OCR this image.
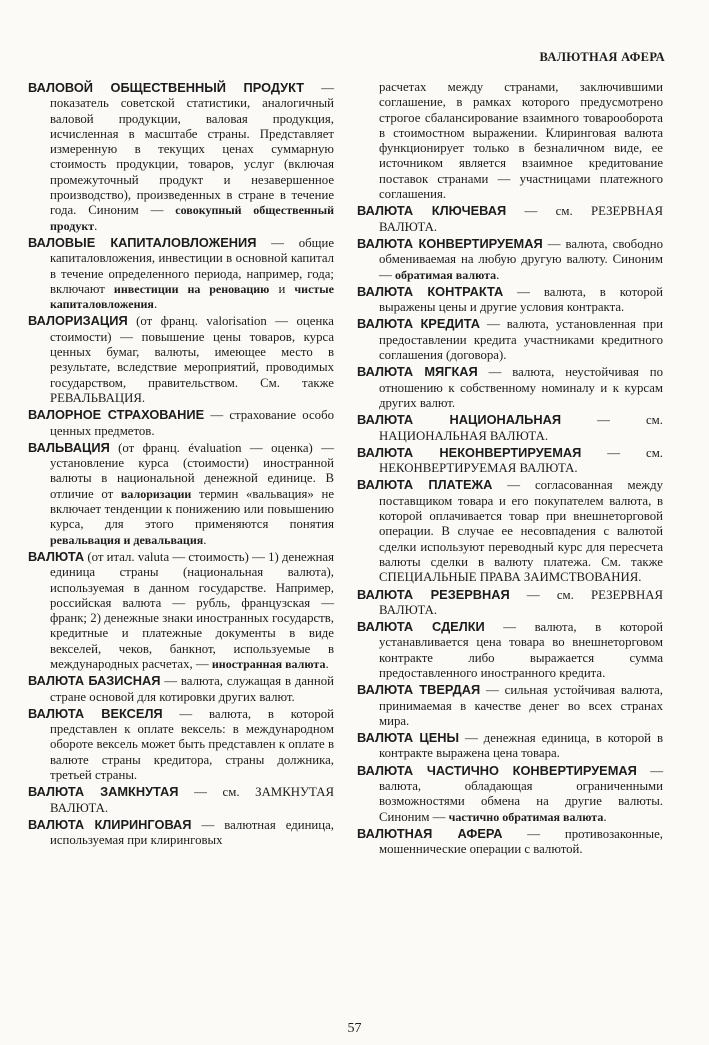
ВАЛЮТНАЯ АФЕРА

ВАЛОВОЙ ОБЩЕСТВЕННЫЙ ПРОДУКТ — показатель советской статистики, аналогичный валовой продукции, валовая продукция, исчисленная в масштабе страны. Представляет измеренную в текущих ценах суммарную стоимость продукции, товаров, услуг (включая промежуточный продукт и незавершенное производство), произведенных в стране в течение года. Синоним — совокупный общественный продукт.

ВАЛОВЫЕ КАПИТАЛОВЛОЖЕНИЯ — общие капиталовложения, инвестиции в основной капитал в течение определенного периода, например, года; включают инвестиции на реновацию и чистые капиталовложения.

ВАЛОРИЗАЦИЯ (от франц. valorisation — оценка стоимости) — повышение цены товаров, курса ценных бумаг, валюты, имеющее место в результате, вследствие мероприятий, проводимых государством, правительством. См. также РЕВАЛЬВАЦИЯ.

ВАЛОРНОЕ СТРАХОВАНИЕ — страхование особо ценных предметов.

ВАЛЬВАЦИЯ (от франц. évaluation — оценка) — установление курса (стоимости) иностранной валюты в национальной денежной единице. В отличие от валоризации термин «вальвация» не включает тенденции к понижению или повышению курса, для этого применяются понятия ревальвация и девальвация.

ВАЛЮТА (от итал. valuta — стоимость) — 1) денежная единица страны (национальная валюта), используемая в данном государстве. Например, российская валюта — рубль, французская — франк; 2) денежные знаки иностранных государств, кредитные и платежные документы в виде векселей, чеков, банкнот, используемые в международных расчетах, — иностранная валюта.

ВАЛЮТА БАЗИСНАЯ — валюта, служащая в данной стране основой для котировки других валют.

ВАЛЮТА ВЕКСЕЛЯ — валюта, в которой представлен к оплате вексель: в международном обороте вексель может быть представлен к оплате в валюте страны кредитора, страны должника, третьей страны.

ВАЛЮТА ЗАМКНУТАЯ — см. ЗАМКНУТАЯ ВАЛЮТА.

ВАЛЮТА КЛИРИНГОВАЯ — валютная единица, используемая при клиринговых

расчетах между странами, заключившими соглашение, в рамках которого предусмотрено строгое сбалансирование взаимного товарооборота в стоимостном выражении. Клиринговая валюта функционирует только в безналичном виде, ее источником является взаимное кредитование поставок странами — участницами платежного соглашения.

ВАЛЮТА КЛЮЧЕВАЯ — см. РЕЗЕРВНАЯ ВАЛЮТА.

ВАЛЮТА КОНВЕРТИРУЕМАЯ — валюта, свободно обмениваемая на любую другую валюту. Синоним — обратимая валюта.

ВАЛЮТА КОНТРАКТА — валюта, в которой выражены цены и другие условия контракта.

ВАЛЮТА КРЕДИТА — валюта, установленная при предоставлении кредита участниками кредитного соглашения (договора).

ВАЛЮТА МЯГКАЯ — валюта, неустойчивая по отношению к собственному номиналу и к курсам других валют.

ВАЛЮТА НАЦИОНАЛЬНАЯ — см. НАЦИОНАЛЬНАЯ ВАЛЮТА.

ВАЛЮТА НЕКОНВЕРТИРУЕМАЯ — см. НЕКОНВЕРТИРУЕМАЯ ВАЛЮТА.

ВАЛЮТА ПЛАТЕЖА — согласованная между поставщиком товара и его покупателем валюта, в которой оплачивается товар при внешнеторговой операции. В случае ее несовпадения с валютой сделки используют переводный курс для пересчета валюты сделки в валюту платежа. См. также СПЕЦИАЛЬНЫЕ ПРАВА ЗАИМСТВОВАНИЯ.

ВАЛЮТА РЕЗЕРВНАЯ — см. РЕЗЕРВНАЯ ВАЛЮТА.

ВАЛЮТА СДЕЛКИ — валюта, в которой устанавливается цена товара во внешнеторговом контракте либо выражается сумма предоставленного иностранного кредита.

ВАЛЮТА ТВЕРДАЯ — сильная устойчивая валюта, принимаемая в качестве денег во всех странах мира.

ВАЛЮТА ЦЕНЫ — денежная единица, в которой в контракте выражена цена товара.

ВАЛЮТА ЧАСТИЧНО КОНВЕРТИРУЕМАЯ — валюта, обладающая ограниченными возможностями обмена на другие валюты. Синоним — частично обратимая валюта.

ВАЛЮТНАЯ АФЕРА — противозаконные, мошеннические операции с валютой.

57
